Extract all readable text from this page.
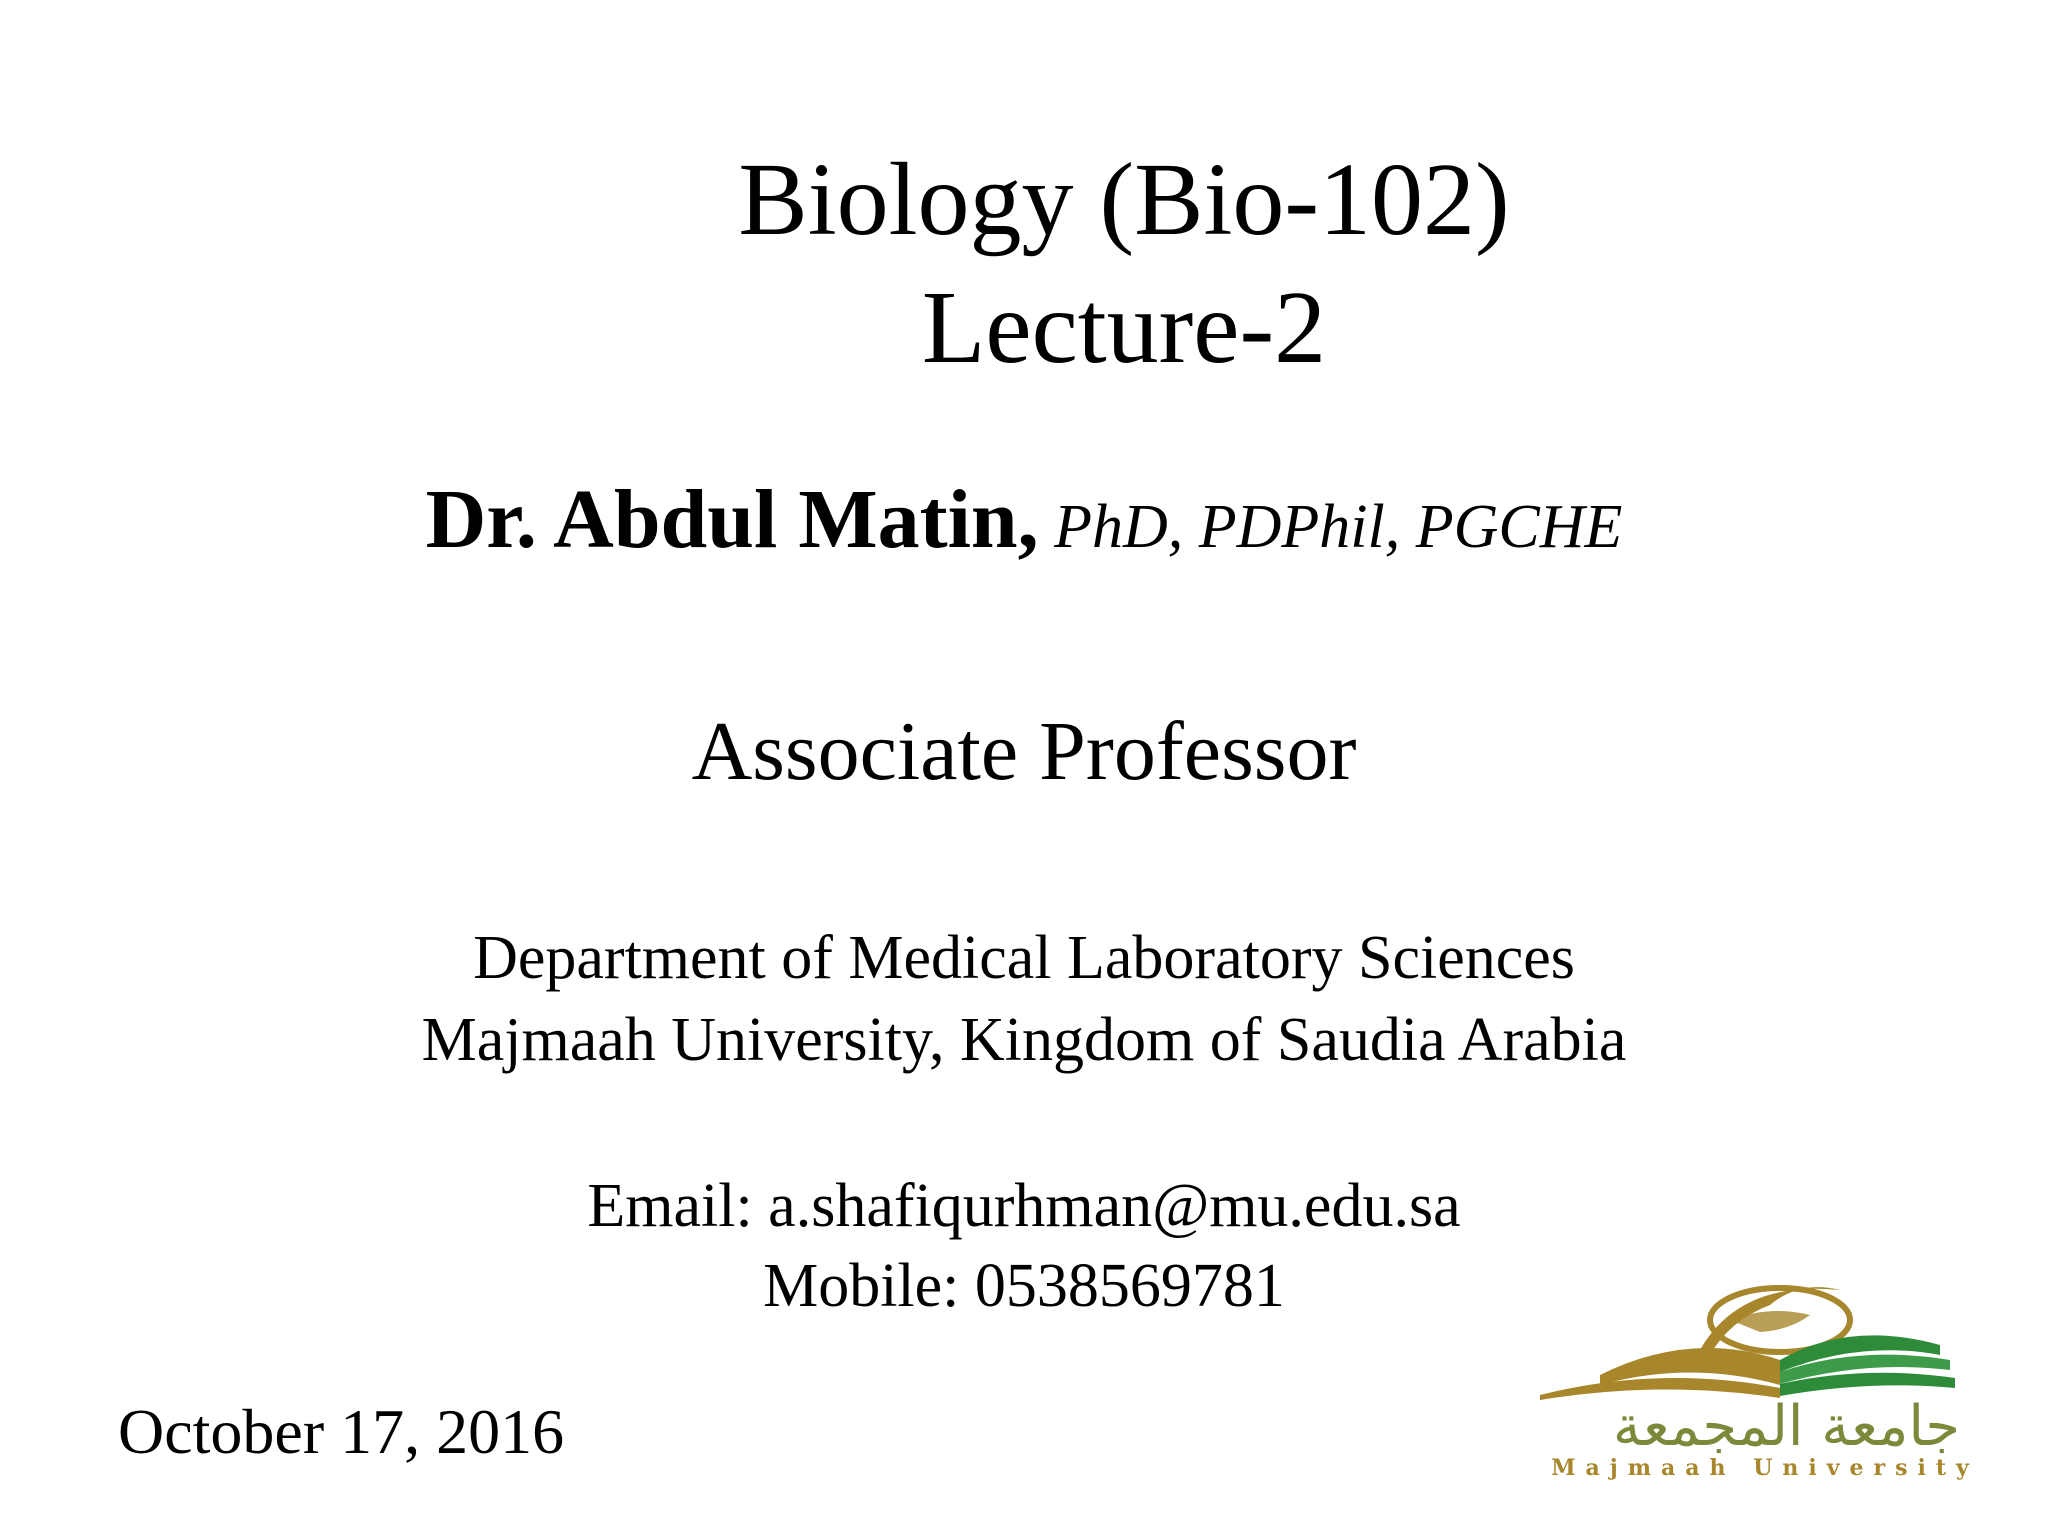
Biology (Bio-102)
Lecture-2
Dr. Abdul Matin, PhD, PDPhil, PGCHE
Associate Professor
Department of Medical Laboratory Sciences
Majmaah University, Kingdom of Saudia Arabia
Email: a.shafiqurhman@mu.edu.sa
Mobile: 0538569781
October 17, 2016	جامعة المجمعة
Majmaah University
